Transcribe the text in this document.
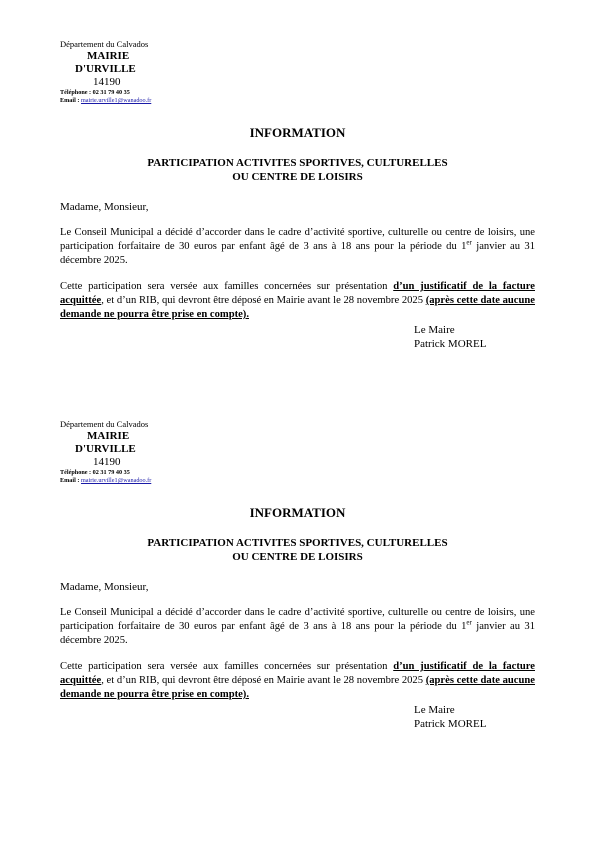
Département du Calvados
MAIRIE
D'URVILLE
14190
Téléphone : 02 31 79 40 35
Email : mairie.urville1@wanadoo.fr
INFORMATION
PARTICIPATION ACTIVITES SPORTIVES, CULTURELLES
OU CENTRE DE LOISIRS
Madame, Monsieur,
Le Conseil Municipal a décidé d’accorder dans le cadre d’activité sportive, culturelle ou centre de loisirs, une participation forfaitaire de 30 euros par enfant âgé de 3 ans à 18 ans pour la période du 1er janvier au 31 décembre 2025.
Cette participation sera versée aux familles concernées sur présentation d’un justificatif de la facture acquittée, et d’un RIB, qui devront être déposé en Mairie avant le 28 novembre 2025 (après cette date aucune demande ne pourra être prise en compte).
Le Maire
Patrick MOREL
Département du Calvados
MAIRIE
D'URVILLE
14190
Téléphone : 02 31 79 40 35
Email : mairie.urville1@wanadoo.fr
INFORMATION
PARTICIPATION ACTIVITES SPORTIVES, CULTURELLES
OU CENTRE DE LOISIRS
Madame, Monsieur,
Le Conseil Municipal a décidé d’accorder dans le cadre d’activité sportive, culturelle ou centre de loisirs, une participation forfaitaire de 30 euros par enfant âgé de 3 ans à 18 ans pour la période du 1er janvier au 31 décembre 2025.
Cette participation sera versée aux familles concernées sur présentation d’un justificatif de la facture acquittée, et d’un RIB, qui devront être déposé en Mairie avant le 28 novembre 2025 (après cette date aucune demande ne pourra être prise en compte).
Le Maire
Patrick MOREL
